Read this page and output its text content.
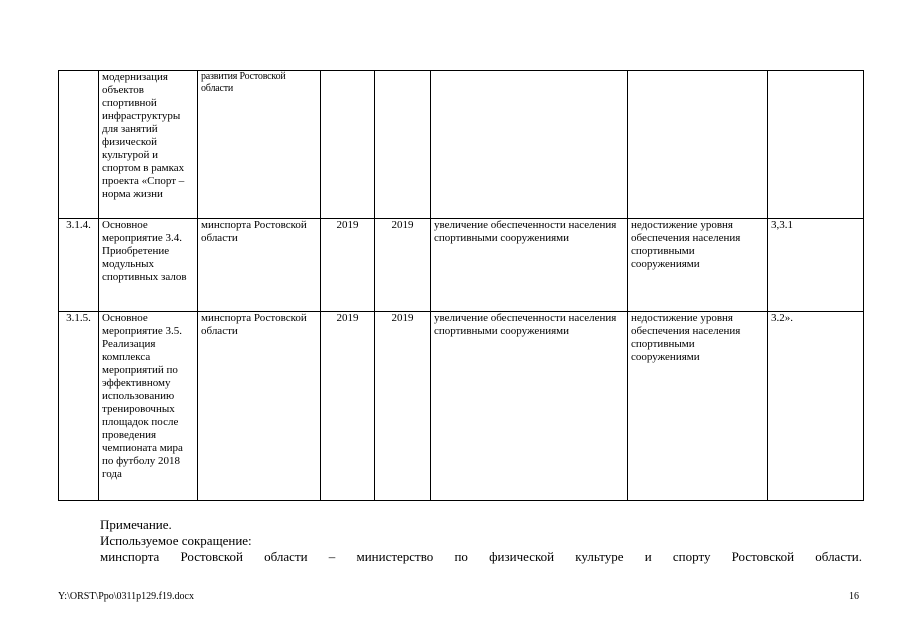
	модернизация объектов спортивной инфраструктуры для занятий физической культурой и спортом в рамках проекта «Спорт – норма жизни	развития Ростовской области					
3.1.4.	Основное мероприятие 3.4. Приобретение модульных спортивных залов	минспорта Ростовской области	2019	2019	увеличение обеспеченности населения спортивными сооружениями	недостижение уровня обеспечения населения спортивными сооружениями	3,3.1
3.1.5.	Основное мероприятие 3.5. Реализация комплекса мероприятий по эффективному использованию тренировочных площадок после проведения чемпионата мира по футболу 2018 года	минспорта Ростовской области	2019	2019	увеличение обеспеченности населения спортивными сооружениями	недостижение уровня обеспечения населения спортивными сооружениями	3.2».
Примечание.
Используемое сокращение:
минспорта Ростовской области – министерство по физической культуре и спорту Ростовской области.
Y:\ORST\Ppo\0311p129.f19.docx	16
